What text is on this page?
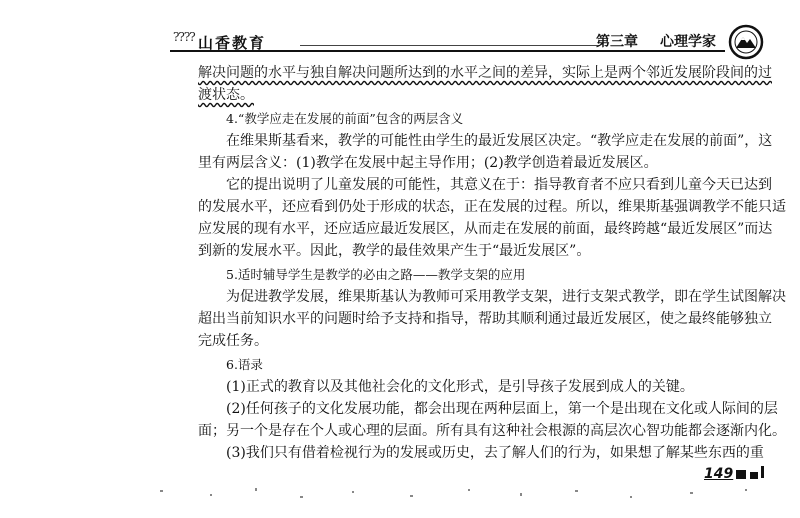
???? 山香教育	第三章 心理学家
解决问题的水平与独自解决问题所达到的水平之间的差异，实际上是两个邻近发展阶段间的过
渡状态。
4.“教学应走在发展的前面”包含的两层含义
在维果斯基看来，教学的可能性由学生的最近发展区决定。“教学应走在发展的前面”，这
里有两层含义：(1)教学在发展中起主导作用；(2)教学创造着最近发展区。
它的提出说明了儿童发展的可能性，其意义在于：指导教育者不应只看到儿童今天已达到
的发展水平，还应看到仍处于形成的状态，正在发展的过程。所以，维果斯基强调教学不能只适
应发展的现有水平，还应适应最近发展区，从而走在发展的前面，最终跨越“最近发展区”而达
到新的发展水平。因此，教学的最佳效果产生于“最近发展区”。
5.适时辅导学生是教学的必由之路——教学支架的应用
为促进教学发展，维果斯基认为教师可采用教学支架，进行支架式教学，即在学生试图解决
超出当前知识水平的问题时给予支持和指导，帮助其顺利通过最近发展区，使之最终能够独立
完成任务。
6.语录
(1)正式的教育以及其他社会化的文化形式，是引导孩子发展到成人的关键。
(2)任何孩子的文化发展功能，都会出现在两种层面上，第一个是出现在文化或人际间的层
面；另一个是存在个人或心理的层面。所有具有这种社会根源的高层次心智功能都会逐渐内化。
(3)我们只有借着检视行为的发展或历史，去了解人们的行为，如果想了解某些东西的重
149
